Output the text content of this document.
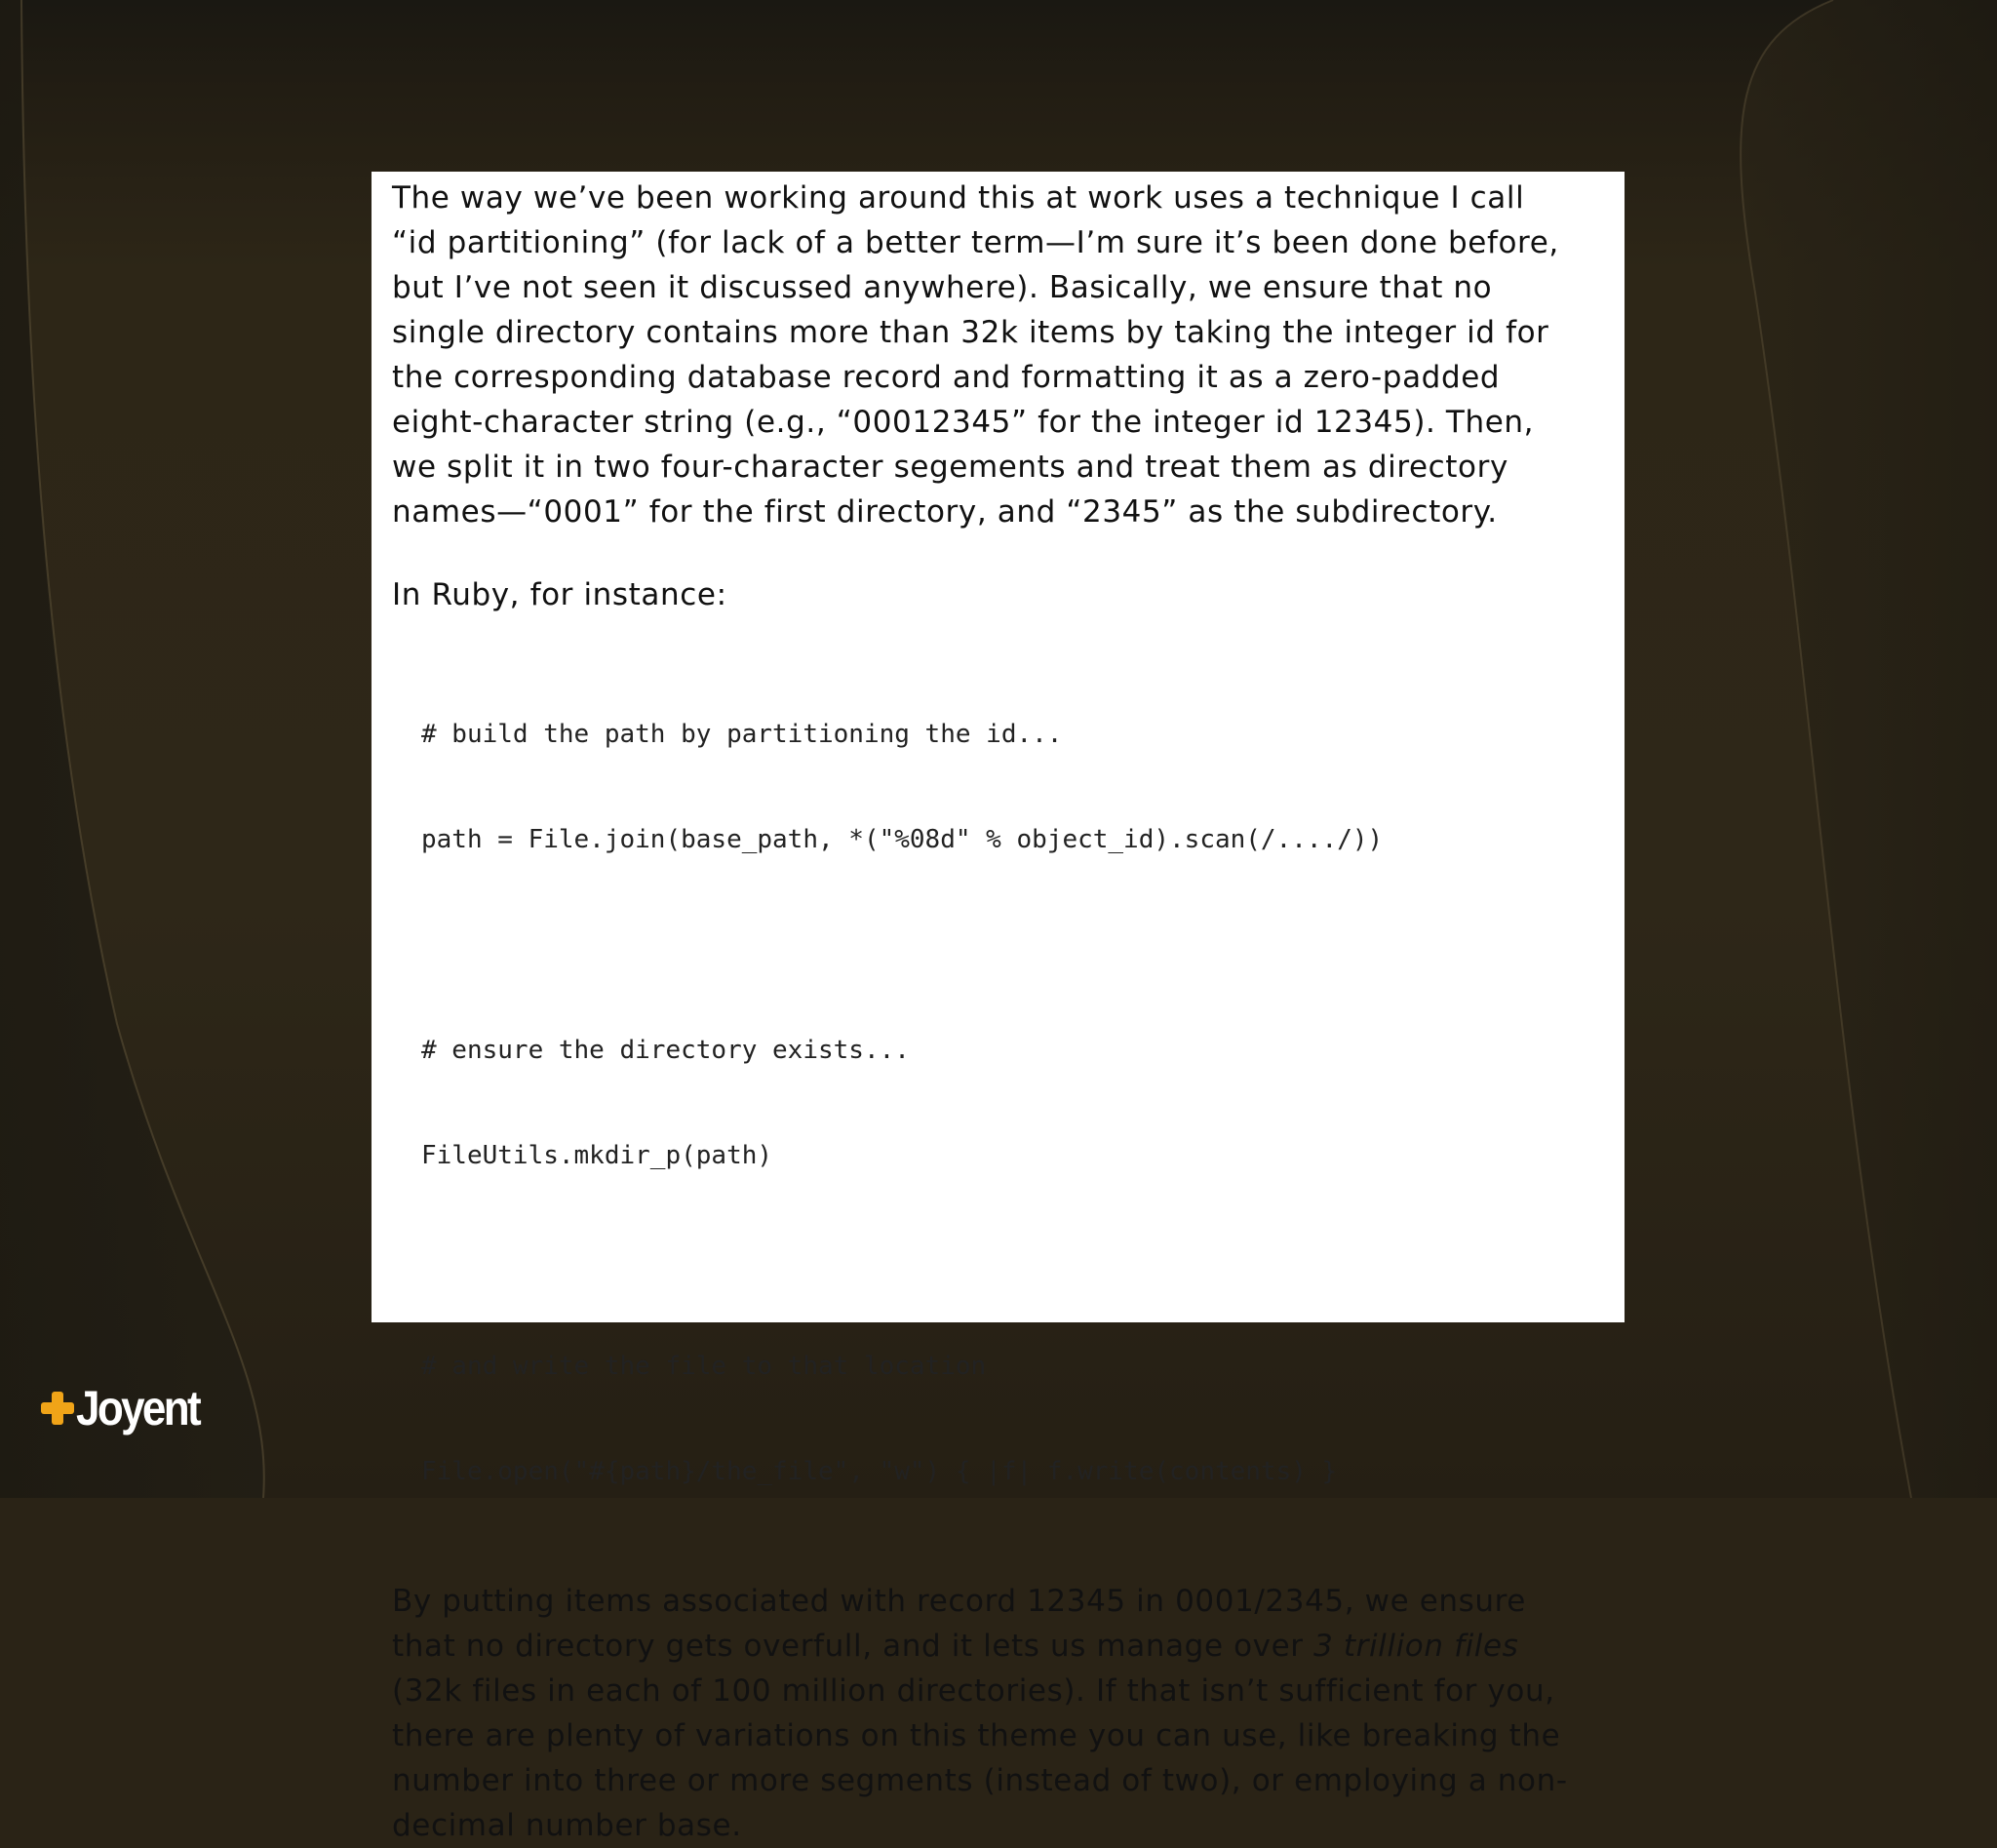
The way we’ve been working around this at work uses a technique I call “id partitioning” (for lack of a better term—I’m sure it’s been done before, but I’ve not seen it discussed anywhere). Basically, we ensure that no single directory contains more than 32k items by taking the integer id for the corresponding database record and formatting it as a zero-padded eight-character string (e.g., “00012345” for the integer id 12345). Then, we split it in two four-character segements and treat them as directory names—“0001” for the first directory, and “2345” as the subdirectory.

In Ruby, for instance:

# build the path by partitioning the id...

path = File.join(base_path, *("%08d" % object_id).scan(/..../))

# ensure the directory exists...

FileUtils.mkdir_p(path)

# and write the file to that location

File.open("#{path}/the_file", "w") { |f| f.write(contents) }

By putting items associated with record 12345 in 0001/2345, we ensure that no directory gets overfull, and it lets us manage over 3 trillion files (32k files in each of 100 million directories). If that isn’t sufficient for you, there are plenty of variations on this theme you can use, like breaking the number into three or more segments (instead of two), or employing a non-decimal number base.

Joyent
